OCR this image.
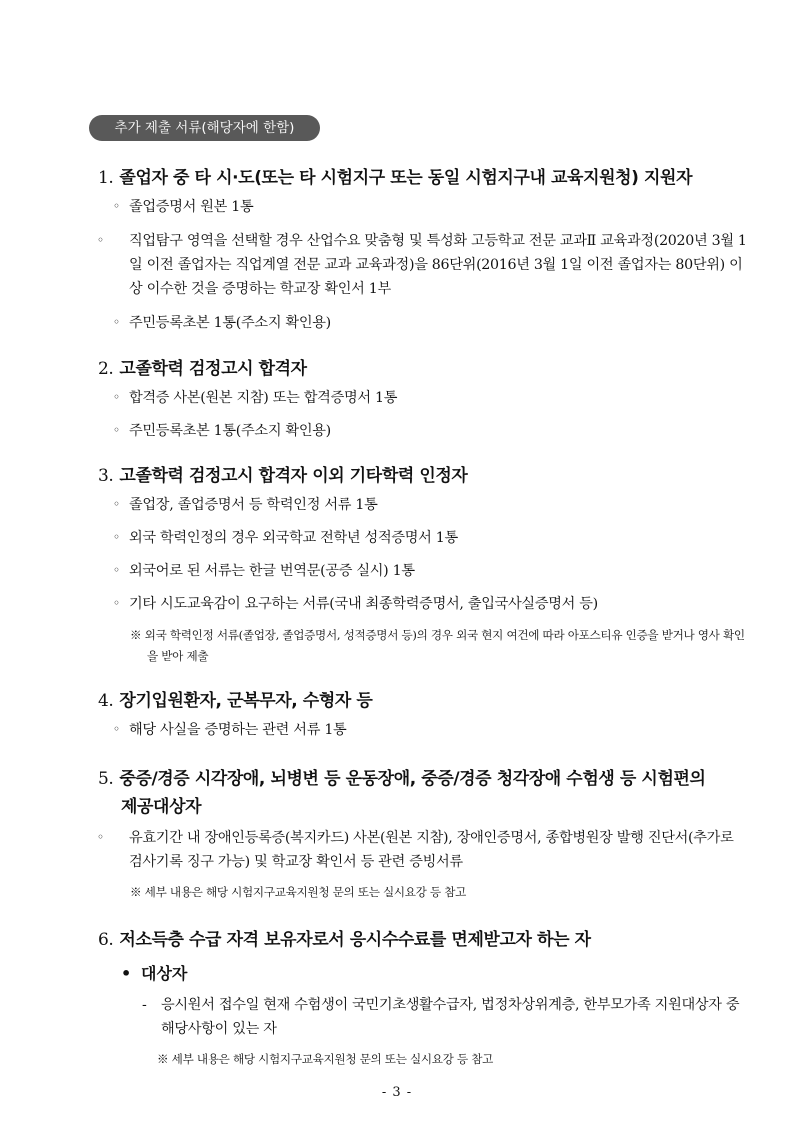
추가 제출 서류(해당자에 한함)
1. 졸업자 중 타 시·도(또는 타 시험지구 또는 동일 시험지구내 교육지원청) 지원자
◦ 졸업증명서 원본 1통
◦ 직업탐구 영역을 선택할 경우 산업수요 맞춤형 및 특성화 고등학교 전문 교과Ⅱ 교육과정(2020년 3월 1일 이전 졸업자는 직업계열 전문 교과 교육과정)을 86단위(2016년 3월 1일 이전 졸업자는 80단위) 이상 이수한 것을 증명하는 학교장 확인서 1부
◦ 주민등록초본 1통(주소지 확인용)
2. 고졸학력 검정고시 합격자
◦ 합격증 사본(원본 지참) 또는 합격증명서 1통
◦ 주민등록초본 1통(주소지 확인용)
3. 고졸학력 검정고시 합격자 이외 기타학력 인정자
◦ 졸업장, 졸업증명서 등 학력인정 서류 1통
◦ 외국 학력인정의 경우 외국학교 전학년 성적증명서 1통
◦ 외국어로 된 서류는 한글 번역문(공증 실시) 1통
◦ 기타 시도교육감이 요구하는 서류(국내 최종학력증명서, 출입국사실증명서 등)
※ 외국 학력인정 서류(졸업장, 졸업증명서, 성적증명서 등)의 경우 외국 현지 여건에 따라 아포스티유 인증을 받거나 영사 확인을 받아 제출
4. 장기입원환자, 군복무자, 수형자 등
◦ 해당 사실을 증명하는 관련 서류 1통
5. 중증/경증 시각장애, 뇌병변 등 운동장애, 중증/경증 청각장애 수험생 등 시험편의
제공대상자
◦ 유효기간 내 장애인등록증(복지카드) 사본(원본 지참), 장애인증명서, 종합병원장 발행 진단서(추가로 검사기록 징구 가능) 및 학교장 확인서 등 관련 증빙서류
※ 세부 내용은 해당 시험지구교육지원청 문의 또는 실시요강 등 참고
6. 저소득층 수급 자격 보유자로서 응시수수료를 면제받고자 하는 자
• 대상자
- 응시원서 접수일 현재 수험생이 국민기초생활수급자, 법정차상위계층, 한부모가족 지원대상자 중 해당사항이 있는 자
※ 세부 내용은 해당 시험지구교육지원청 문의 또는 실시요강 등 참고
- 3 -
